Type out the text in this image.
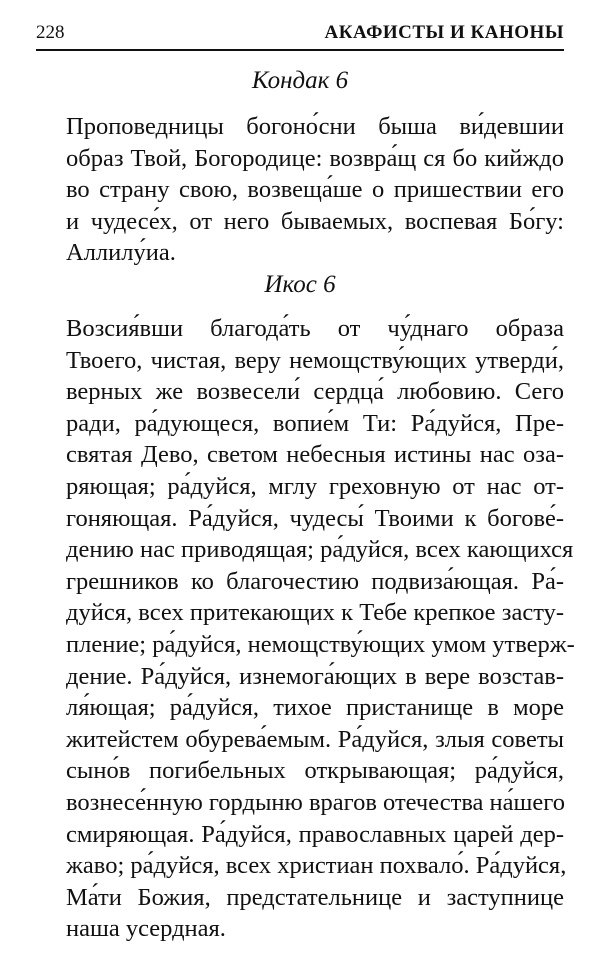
228	АКАФИСТЫ И КАНОНЫ
Кондак 6
Проповедницы богоно́сни быша ви́девшии
образ Твой, Богородице: возвра́щ ся бо кийждо
во страну свою, возвеща́ше о пришествии его
и чудесе́х, от него бываемых, воспевая Бо́гу:
Аллилу́иа.
Икос 6
Возсия́вши благода́ть от чу́днаго образа
Твоего, чистая, веру немощству́ющих утверди́,
верных же возвесели́ сердца́ любовию. Сего
ради, ра́дующеся, вопие́м Ти: Ра́дуйся, Пре-
святая Дево, светом небесныя истины нас оза-
ряющая; ра́дуйся, мглу греховную от нас от-
гоняющая. Ра́дуйся, чудесы́ Твоими к богове́-
дению нас приводящая; ра́дуйся, всех кающихся
грешников ко благочестию подвиза́ющая. Ра́-
дуйся, всех притекающих к Тебе крепкое засту-
пление; ра́дуйся, немощству́ющих умом утверж-
дение. Ра́дуйся, изнемога́ющих в вере возстав-
ля́ющая; ра́дуйся, тихое пристанище в море
житейстем обурева́емым. Ра́дуйся, злыя советы
сыно́в погибельных открывающая; ра́дуйся,
вознесе́нную гордыню врагов отечества на́шего
смиряющая. Ра́дуйся, православных царей дер-
жаво; ра́дуйся, всех христиан похвало́. Ра́дуйся,
Ма́ти Божия, предстательнице и заступнице
наша усердная.
